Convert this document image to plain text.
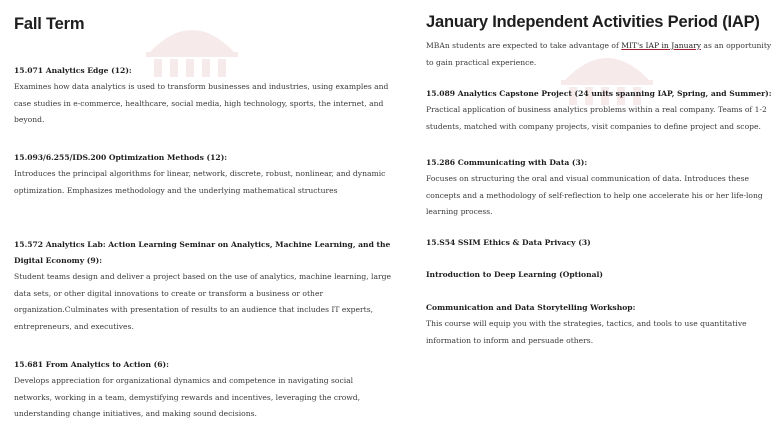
Fall Term
15.071 Analytics Edge (12):
Examines how data analytics is used to transform businesses and industries, using examples and case studies in e-commerce, healthcare, social media, high technology, sports, the internet, and beyond.
15.093/6.255/IDS.200 Optimization Methods (12):
Introduces the principal algorithms for linear, network, discrete, robust, nonlinear, and dynamic optimization. Emphasizes methodology and the underlying mathematical structures
15.572 Analytics Lab: Action Learning Seminar on Analytics, Machine Learning, and the Digital Economy (9):
Student teams design and deliver a project based on the use of analytics, machine learning, large data sets, or other digital innovations to create or transform a business or other organization.Culminates with presentation of results to an audience that includes IT experts, entrepreneurs, and executives.
15.681 From Analytics to Action (6):
Develops appreciation for organizational dynamics and competence in navigating social networks, working in a team, demystifying rewards and incentives, leveraging the crowd, understanding change initiatives, and making sound decisions.
January Independent Activities Period (IAP)
MBAn students are expected to take advantage of MIT's IAP in January as an opportunity to gain practical experience.
15.089 Analytics Capstone Project (24 units spanning IAP, Spring, and Summer):
Practical application of business analytics problems within a real company. Teams of 1-2 students, matched with company projects, visit companies to define project and scope.
15.286 Communicating with Data (3):
Focuses on structuring the oral and visual communication of data. Introduces these concepts and a methodology of self-reflection to help one accelerate his or her life-long learning process.
15.S54 SSIM Ethics & Data Privacy (3)
Introduction to Deep Learning (Optional)
Communication and Data Storytelling Workshop:
This course will equip you with the strategies, tactics, and tools to use quantitative information to inform and persuade others.
